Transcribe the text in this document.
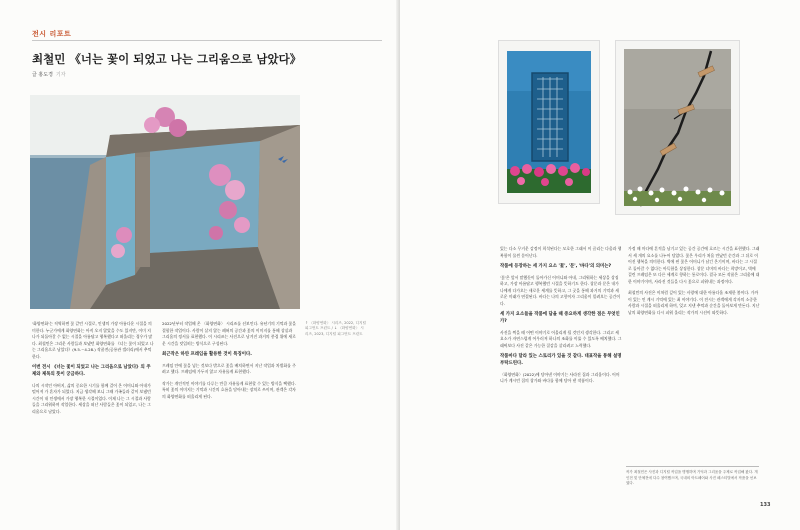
전시 리포트
최철민 《너는 꽃이 되었고 나는 그리움으로 남았다》
글 홍도경 기자

'화양연화'는 직역하면 꽃 같던 시절로, 인생의 가장 아름다운 시절을 의미한다. 누군가에게 화양연화는 아직 오지 않았을 수도 있지만, 이미 지나가 되돌아갈 수 없는 시절을 아름답고 행복했다고 떠올리는 경우가 많다. 최철민은 그리운 사람들과 보냈던 화양연화를 《너는 꽃이 되었고 나는 그리움으로 남았다》(9.5.~4.28.) 작품전(공릉관 갤러리)에서 추억한다.

이번 전시 《너는 꽃이 되었고 나는 그리움으로 남았다》의 주제와 제목의 뜻이 궁금하다.

나의 시작인 아버지, 삶의 중요한 시기를 함께 걸어 온 어머니와 아내가 떨어져 가 혼자가 되었다. 지금 생각해 보니 그때 가족들과 같이 보냈던 시간이 내 인생에서 가장 행복한 시절이었다. 이제 나는 그 시절과 사람들을 그리워하며 작업한다. 세상을 떠난 사람들은 꽃이 되었고, 나는 그리움으로 남았다.

2022년부터 작업해 온 〈화양연화〉 시리즈를 선보인다. 유년기의 기억과 꽃을 결합한 작업이다. 사람이 살지 않는 폐허의 공간과 꽃의 이미지를 통해 상실과 그리움의 정서를 표현했다. 이 시리즈는 사진으로 남겨진 과거의 풍경 위에 새로운 시간을 덧입히는 방식으로 구성된다.

최근작은 하얀 프레임을 활용한 것이 특징이다.

프레임 안에 꽃을 넣는 것보다 밖으로 꽃을 배치하면서 지난 작업과 차별화를 주려고 했다. 프레임에 가두지 않고 자유롭게 표현했다.

작가는 개인적인 이야기를 다루는 만큼 자유롭게 표현할 수 있는 방식을 택했다. 특히 꽃의 이미지는 기억과 시간의 흐름을 담아내는 장치로 쓰이며, 관객은 각자의 화양연화를 떠올리게 된다.

↑ 〈화양연화〉 시리즈, 2022, 디지털 피그먼트 프린트 / ↓ 〈화양연화〉 시리즈, 2023, 디지털 피그먼트 프린트

있는 다소 무거운 감정이 희석된다는 모호한 그래서 이 끌리는 다음과 행복함이 물씬 묻어난다.

작품에 등장하는 세 가지 요소 '꽃', '문', '바다'의 의미는?

'꽃'은 앞서 말했듯이 돌아가신 어머니와 아내, 그리워하는 세상을 상징하고, 가장 아름답고 행복했던 시절을 뜻하기도 한다. 창문과 문은 내가 나에게 다가오는 새로운 세계를 뜻하고, 그 곳을 통해 과거의 기억과 새로운 미래가 연결된다. 바다는 나의 고향이자 그리움이 밀려오는 공간이다.

세 가지 요소들을 작품에 담을 때 중요하게 생각한 점은 무엇인가?

사진을 찍을 때 어떤 이야기로 어울리게 될 것인지 생각한다. 그리고 세 요소가 자연스럽게 어우러져 하나의 조화를 이룰 수 있도록 배치했다. 그래픽보다 사진 같은 가능한 질감을 살리려고 노력했다.

작품마다 달라 있는 스토리가 있을 것 같다. 대표작을 통해 설명 부탁드린다.

〈화양연화〉(2022)에 담아낸 이야기는 사라진 집과 그리움이다. 어머니가 계시던 집의 창가와 바다를 함께 담아 낸 작품이다.

가정 때 마다에 흔적을 남기고 있는 공간 공간에 흐르는 시간을 표현했다. 그래서 세 개의 요소를 나누어 담았다. 꽃은 우리가 처음 만났던 순간과 그 뒤로 이어진 행복을 의미한다. 벽에 핀 꽃은 어머니가 남긴 온기이며, 바다는 그 시절로 돌아갈 수 없다는 아득함을 상징한다. 창문 너머의 바다는 희망이고, 벽에 걸린 프레임은 또 다른 세계로 향하는 통로이다. 결국 모든 작품은 그리움에 대한 이야기이며, 사라진 것들을 다시 꽃으로 피워내는 과정이다.

최철민의 사진은 이처럼 깊어 있는 사랑에 대한 아름다움 조재한 봄이다. 가까이 있는 인 계시 기억에 있는 최 이야기다. 이 전시는 관객에게 각자의 소중한 사람과 시절을 떠올리게 하며, 잊고 지낸 추억과 순간을 돌아보게 만든다. 지난 날의 화양연화를 다시 피워 올리는 작가의 시선이 따뜻하다.

작가 최철민은 사진과 디지털 작업을 병행하며 기억과 그리움을 주제로 작업해 왔다. 개인전 및 단체전에 다수 참여했으며, 국내외 아트페어와 사진 페스티벌에서 작품을 선보였다.
133
